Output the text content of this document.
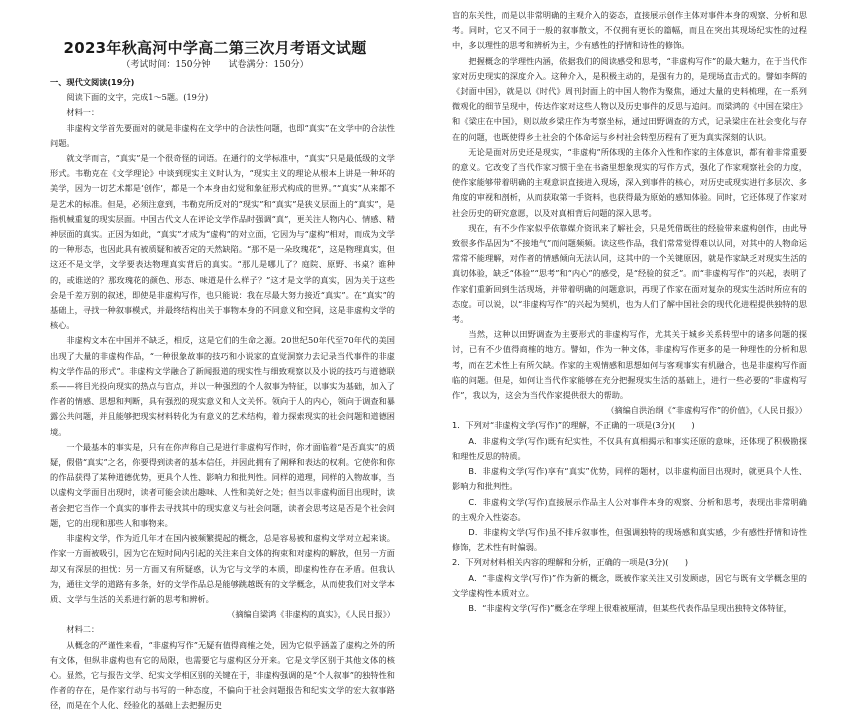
2023年秋高河中学高二第三次月考语文试题
（考试时间：150分钟　　试卷满分：150分）

一、现代文阅读(19分)

阅读下面的文字，完成1～5题。(19分)

材料一：

非虚构文学首先要面对的就是非虚构在文学中的合法性问题，也即“真实”在文学中的合法性问题。

就文学而言，“真实”是一个很奇怪的词语。在通行的文学标准中，“真实”只是最低级的文学形式。韦勒克在《文学理论》中谈到现实主义时认为，“现实主义的理论从根本上讲是一种坏的美学，因为一切艺术都是‘创作’，都是一个本身由幻觉和象征形式构成的世界。”“真实”从来都不是艺术的标准。但是，必须注意到，韦勒克所反对的“现实”和“真实”是狭义层面上的“真实”，是指机械重复的现实层面。中国古代文人在评论文学作品时强调“真”，更关注人物内心、情感、精神层面的真实。正因为如此，“真实”才成为“虚构”的对立面，它因为与“虚构”相对，而成为文学的一种形态，也因此具有被质疑和被否定的天然缺陷。“那不是一朵玫瑰花”，这是物理真实，但这还不是文学，文学要表达物理真实背后的真实。“那儿是哪儿了？庭院、原野、书桌？谁种的，或谁送的？那玫瑰花的颜色、形态、味道是什么样子？”这才是文学的真实，因为关于这些会是千差万别的叙述，即使是非虚构写作，也只能说：我在尽最大努力接近“真实”。在“真实”的基础上，寻找一种叙事模式，并最终结构出关于事物本身的不同意义和空间，这是非虚构文学的核心。

非虚构文本在中国并不缺乏，相反，这是它们的生命之源。20世纪50年代至70年代的美国出现了大量的非虚构作品，“一种很象故事的技巧和小说家的直觉洞察力去记录当代事件的非虚构文学作品的形式”。非虚构文学融合了新闻报道的现实性与细致观察以及小说的技巧与道德联系——将目光投向现实的热点与盲点，并以一种强烈的个人叙事为特征，以事实为基础，加入了作者的情感、思想和判断，具有强烈的现实意义和人文关怀。领向于人的内心，领向于调查和暴露公共问题，并且能够把现实材料转化为有意义的艺术结构，着力探索现实的社会问题和道德困境。

一个最基本的事实是，只有在你声称自己是进行非虚构写作时，你才面临着“是否真实”的质疑，假借“真实”之名，你要得到读者的基本信任，并因此拥有了阐释和表达的权利。它使你和你的作品获得了某种道德优势，更具个人性、影响力和批判性。同样的道理，同样的入物故事，当以虚构文学面目出现时，读者可能会读出趣味、人性和美好之处；但当以非虚构面目出现时，读者会把它当作一个真实的事件去寻找其中的现实意义与社会问题，读者会思考这是否是个社会问题，它的出现和那些人和事物来。

非虚构文学，作为近几年才在国内被频繁提起的概念，总是容易被和虚构文学对立起来谈。作家一方面被吸引，因为它在短时间内引起的关注来自文体的拘束和对虚构的解放，但另一方面却又有深层的担忧：另一方面又有所疑惑，认为它与文学的本质，即虚构性存在矛盾。但我认为，通往文学的道路有多条，好的文学作品总是能够跳越既有的文学概念，从而使我们对文学本质、文学与生活的关系进行新的思考和辨析。

（摘编自梁鸿《非虚构的真实》，《人民日报》）

材料二：

从概念的严谨性来看，“非虚构写作”无疑有值得商榷之处，因为它似乎涵盖了虚构之外的所有文体，但纵非虚构也有它的局限，也需要它与虚构区分开来。它是文学区别于其他文体的核心。显然，它与报告文学、纪实文学相区别的关键在于，非虚构强调的是“个人叙事”的独特性和作者的存在，是作家行动与书写的一种态度，不偏向于社会问题报告和纪实文学的宏大叙事路径，而是在个人化、经验化的基础上去把握历史

盲的东关性，而是以非常明确的主观介入的姿态，直接展示创作主体对事件本身的观察、分析和思考。同时，它又不同于一般的叙事散文，不仅拥有更长的篇幅，而且在突出其现场纪实性的过程中，多以理性的思考和辨析为主，少有感性的抒情和诗性的修饰。

把握概念的学理性内涵，依据我们的阅读感受和思考，“非虚构写作”的最大魅力，在于当代作家对历史现实的深度介入。这种介入，是积极主动的，是强有力的，是现场直击式的。譬如李辉的《封面中国》，就是以《时代》周刊封面上的中国人物作为聚焦，通过大量的史料梳理，在一系列微观化的细节呈现中，传达作家对这些人物以及历史事件的反思与追问。而梁鸿的《中国在梁庄》和《梁庄在中国》，则以故乡梁庄作为考察坐标，通过田野调查的方式，记录梁庄在社会变化与存在的问题，也既使得乡土社会的个体命运与乡村社会转型历程有了更为真实深刻的认识。

无论是面对历史还是现实，“非虚构”所体现的主体介入性和作家的主体意识，都有着非常重要的意义。它改变了当代作家习惯于坐在书斋里想象现实的写作方式，强化了作家观察社会的力度，使作家能够带着明确的主观意识直接进入现场，深入到事件的核心，对历史或现实进行多层次、多角度的审视和剖析，从而获取第一手资料，也获得最为原始的感知体验。同时，它还体现了作家对社会历史的研究意愿，以及对真相背后问题的深入思考。

现在，有不少作家似乎依靠媒介资讯来了解社会，只是凭借既往的经验带来虚构创作，由此导致很多作品因为“不接地气”而问题频频。读这些作品，我们常常觉得难以认同，对其中的人物命运常常不能理解，对作者的情感倾向无法认同，这其中的一个关键原因，就是作家缺乏对现实生活的真切体验，缺乏“体验”“思考”和“内心”的感受，是“经验的贫乏”。而“非虚构写作”的兴起，表明了作家们重新回到生活现场，并带着明确的问题意识，再现了作家在面对复杂的现实生活时所应有的态度。可以说，以“非虚构写作”的兴起为契机，也为人们了解中国社会的现代化进程提供独特的思考。

当然，这种以田野调查为主要形式的非虚构写作，尤其关于城乡关系转型中的诸多问题的探讨，已有不少值得商榷的地方。譬如，作为一种文体，非虚构写作更多的是一种理性的分析和思考，而在艺术性上有所欠缺。作家的主观情感和思想如何与客观事实有机融合，也是非虚构写作面临的问题。但是，如何让当代作家能够在充分把握现实生活的基础上，进行一些必要的“非虚构写作”，我以为，这会为当代作家提供很大的帮助。

（摘编自洪治纲《“非虚构写作”的价值》，《人民日报》）

1．下列对“非虚构文学(写作)”的理解，不正确的一项是(3分)(　　)

A．非虚构文学(写作)既有纪实性，不仅具有真相揭示和事实还原的意味，还体现了积极勘探和理性反思的特质。

B．非虚构文学(写作)享有“真实”优势，同样的题材，以非虚构面目出现时，就更具个人性、影响力和批判性。

C．非虚构文学(写作)直接展示作品主人公对事件本身的观察、分析和思考，表现出非常明确的主观介入性姿态。

D．非虚构文学(写作)虽不排斥叙事性，但强调独特的现场感和真实感，少有感性抒情和诗性修饰，艺术性有时偏弱。

2．下列对材料相关内容的理解和分析，正确的一项是(3分)(　　)

A．“非虚构文学(写作)”作为新的概念，既被作家关注又引发顾虑，因它与既有文学概念里的文学虚构性本质对立。

B．“非虚构文学(写作)”概念在学理上很难被厘清，但某些代表作品呈现出独特文体特征，
